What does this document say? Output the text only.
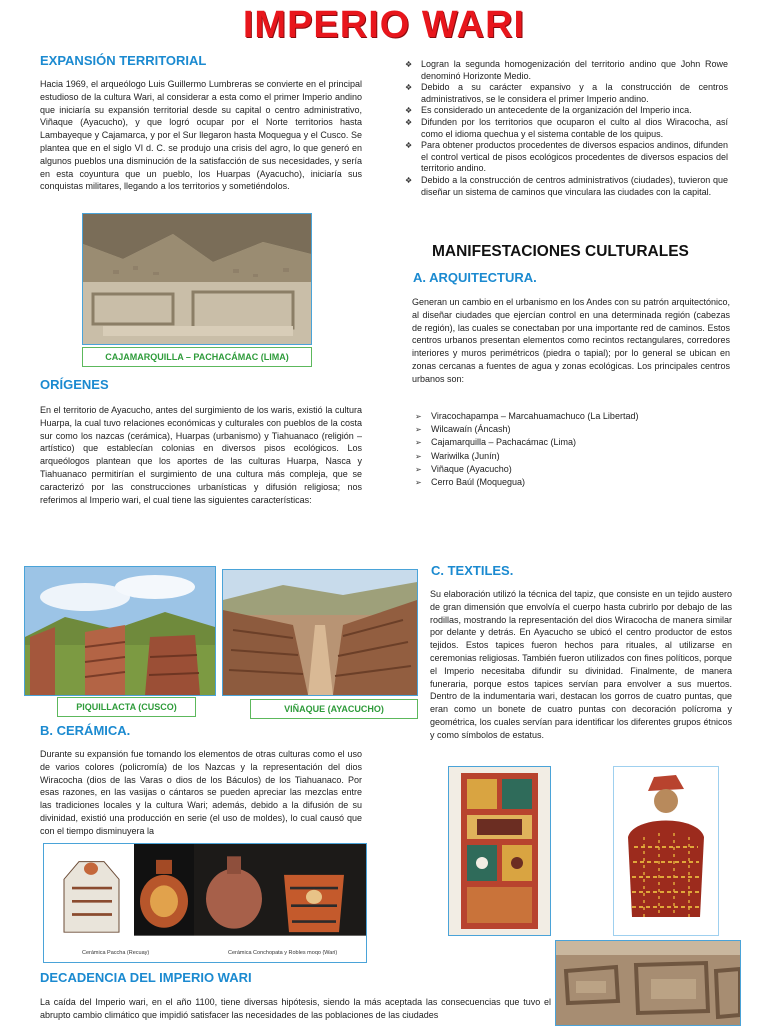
IMPERIO WARI
EXPANSIÓN TERRITORIAL

Hacia 1969, el arqueólogo Luis Guillermo Lumbreras se convierte en el principal estudioso de la cultura Wari, al considerar a esta como el primer Imperio andino que iniciaría su expansión territorial desde su capital o centro administrativo, Viñaque (Ayacucho), y que logró ocupar por el Norte territorios hasta Lambayeque y Cajamarca, y por el Sur llegaron hasta Moquegua y el Cusco. Se plantea que en el siglo VI d. C. se produjo una crisis del agro, lo que generó en algunos pueblos una disminución de la satisfacción de sus necesidades, y sería en esta coyuntura que un pueblo, los Huarpas (Ayacucho), iniciaría sus conquistas militares, llegando a los territorios y sometiéndolos.

CAJAMARQUILLA – PACHACÁMAC (LIMA)
ORÍGENES

En el territorio de Ayacucho, antes del surgimiento de los waris, existió la cultura Huarpa, la cual tuvo relaciones económicas y culturales con pueblos de la costa sur como los nazcas (cerámica), Huarpas (urbanismo) y Tiahuanaco (religión – artístico) que establecían colonias en diversos pisos ecológicos. Los arqueólogos plantean que los aportes de las culturas Huarpa, Nasca y Tiahuanaco permitirían el surgimiento de una cultura más compleja, que se caracterizó por las construcciones urbanísticas y difusión religiosa; nos referimos al Imperio wari, el cual tiene las siguientes características:

❖ Logran la segunda homogenización del territorio andino que John Rowe denominó Horizonte Medio.
❖ Debido a su carácter expansivo y a la construcción de centros administrativos, se le considera el primer Imperio andino.
❖ Es considerado un antecedente de la organización del Imperio inca.
❖ Difunden por los territorios que ocuparon el culto al dios Wiracocha, así como el idioma quechua y el sistema contable de los quipus.
❖ Para obtener productos procedentes de diversos espacios andinos, difunden el control vertical de pisos ecológicos procedentes de diversos espacios del territorio andino.
❖ Debido a la construcción de centros administrativos (ciudades), tuvieron que diseñar un sistema de caminos que vinculara las ciudades con la capital.
MANIFESTACIONES CULTURALES
A. ARQUITECTURA.

Generan un cambio en el urbanismo en los Andes con su patrón arquitectónico, al diseñar ciudades que ejercían control en una determinada región (cabezas de región), las cuales se conectaban por una importante red de caminos. Estos centros urbanos presentan elementos como recintos rectangulares, corredores interiores y muros perimétricos (piedra o tapial); por lo general se ubican en zonas cercanas a fuentes de agua y zonas ecológicas. Los principales centros urbanos son:

➢ Viracochapampa – Marcahuamachuco (La Libertad)
➢ Wilcawaín (Áncash)
➢ Cajamarquilla – Pachacámac (Lima)
➢ Wariwilka (Junín)
➢ Viñaque (Ayacucho)
➢ Cerro Baúl (Moquegua)
PIQUILLACTA (CUSCO)	VIÑAQUE (AYACUCHO)
B. CERÁMICA.

Durante su expansión fue tomando los elementos de otras culturas como el uso de varios colores (policromía) de los Nazcas y la representación del dios Wiracocha (dios de las Varas o dios de los Báculos) de los Tiahuanaco. Por esas razones, en las vasijas o cántaros se pueden apreciar las mezclas entre las tradiciones locales y la cultura Wari; además, debido a la difusión de su divinidad, existió una producción en serie (el uso de moldes), lo cual causó que con el tiempo disminuyera la

Cerámica Paccha (Recuay)	Cerámica Conchopata y Robles moqo (Wari)
C. TEXTILES.

Su elaboración utilizó la técnica del tapiz, que consiste en un tejido austero de gran dimensión que envolvía el cuerpo hasta cubrirlo por debajo de las rodillas, mostrando la representación del dios Wiracocha de manera similar por delante y detrás. En Ayacucho se ubicó el centro productor de estos tejidos. Estos tapices fueron hechos para rituales, al utilizarse en ceremonias religiosas. También fueron utilizados con fines políticos, porque el Imperio necesitaba difundir su divinidad. Finalmente, de manera funeraria, porque estos tapices servían para envolver a sus muertos. Dentro de la indumentaria wari, destacan los gorros de cuatro puntas, que eran como un bonete de cuatro puntas con decoración polícroma y geométrica, los cuales servían para identificar los diferentes grupos étnicos y como símbolos de estatus.

DECADENCIA DEL IMPERIO WARI

La caída del Imperio wari, en el año 1100, tiene diversas hipótesis, siendo la más aceptada las consecuencias que tuvo el abrupto cambio climático que impidió satisfacer las necesidades de las poblaciones de las ciudades
